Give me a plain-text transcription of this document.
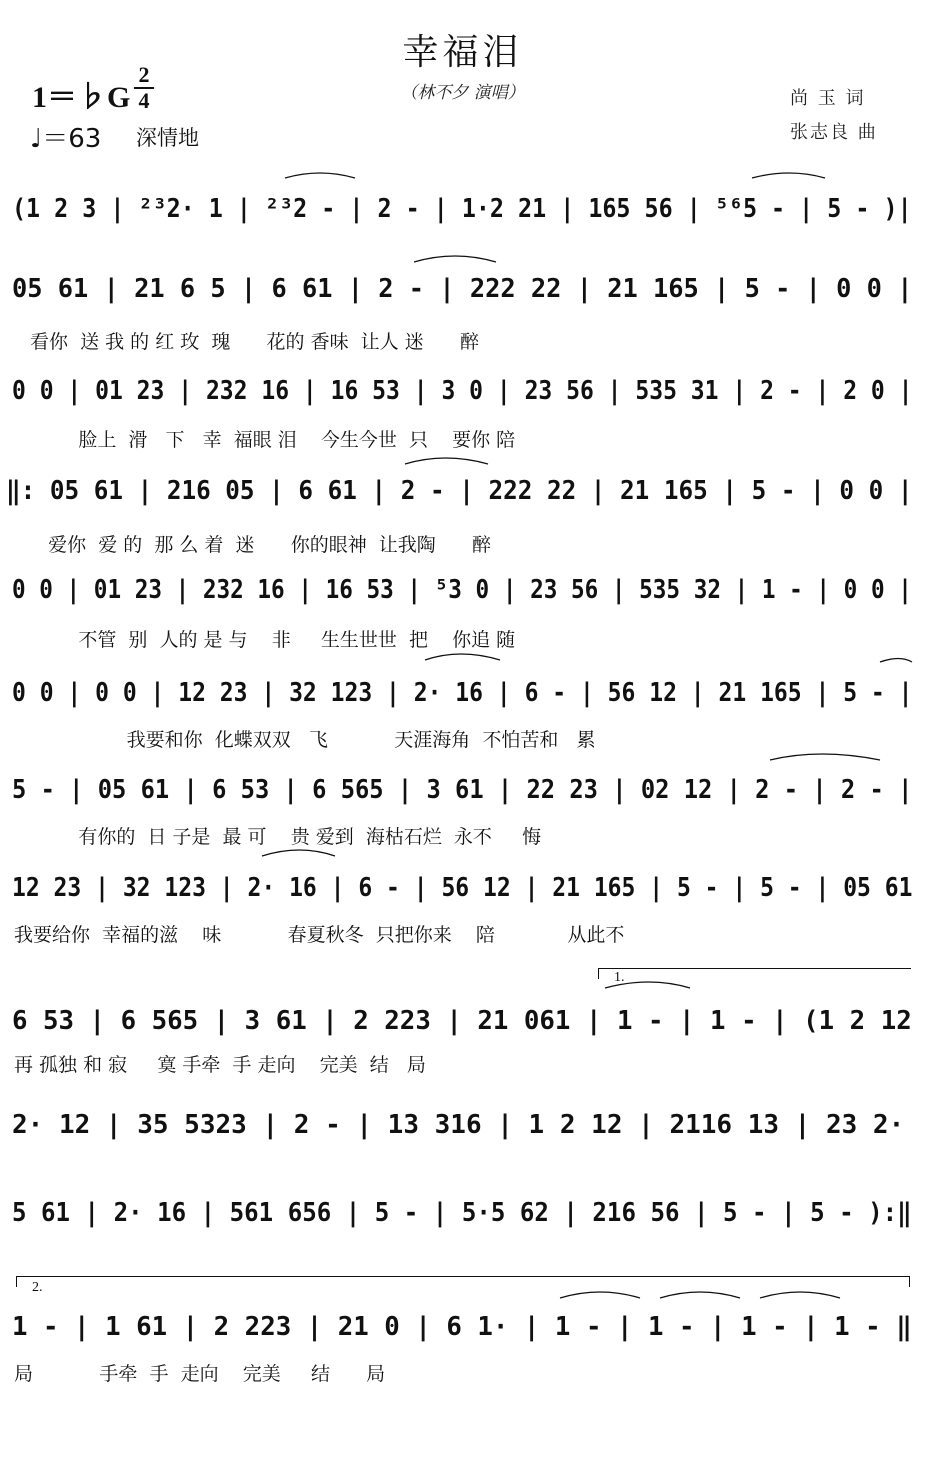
幸福泪
（林不夕 演唱）
1＝♭G
2
4
♩＝63 深情地
尚 玉 词
张志良 曲
(1 2 3 | ²³2· 1 | ²³2 - | 2 - | 1·2 21 | 165 56 | ⁵⁶5 - | 5 - )|
05 61 | 21 6 5 | 6 61 | 2 - | 222 22 | 21 165 | 5 - | 0 0 |
看你  送 我 的 红 玫  瑰      花的 香味  让人 迷      醉
0 0 | 01 23 | 232 16 | 16 53 | 3 0 | 23 56 | 535 31 | 2 - | 2 0 |
脸上  滑   下   幸  福眼 泪    今生今世  只    要你 陪
‖: 05 61 | 216 05 | 6 61 | 2 - | 222 22 | 21 165 | 5 - | 0 0 |
爱你  爱 的  那 么 着  迷      你的眼神  让我陶      醉
0 0 | 01 23 | 232 16 | 16 53 | ⁵3 0 | 23 56 | 535 32 | 1 - | 0 0 |
不管  别  人的 是 与    非     生生世世  把    你追 随
0 0 | 0 0 | 12 23 | 32 123 | 2· 16 | 6 - | 56 12 | 21 165 | 5 - |
我要和你  化蝶双双   飞           天涯海角  不怕苦和   累
5 - | 05 61 | 6 53 | 6 565 | 3 61 | 22 23 | 02 12 | 2 - | 2 - |
有你的  日 子是  最 可    贵 爱到  海枯石烂  永不     悔
12 23 | 32 123 | 2· 16 | 6 - | 56 12 | 21 165 | 5 - | 5 - | 05 61
我要给你  幸福的滋    味           春夏秋冬  只把你来    陪            从此不
1.
6 53 | 6 565 | 3 61 | 2 223 | 21 061 | 1 - | 1 - | (1 2 12
再 孤独 和 寂     寞 手牵  手 走向    完美  结   局
2· 12 | 35 5323 | 2 - | 13 316 | 1 2 12 | 2116 13 | 23 2·
5 61 | 2· 16 | 561 656 | 5 - | 5·5 62 | 216 56 | 5 - | 5 - ):‖
2.
1 - | 1 61 | 2 223 | 21 0 | 6 1· | 1 - | 1 - | 1 - | 1 - ‖
局           手牵  手  走向    完美     结      局
